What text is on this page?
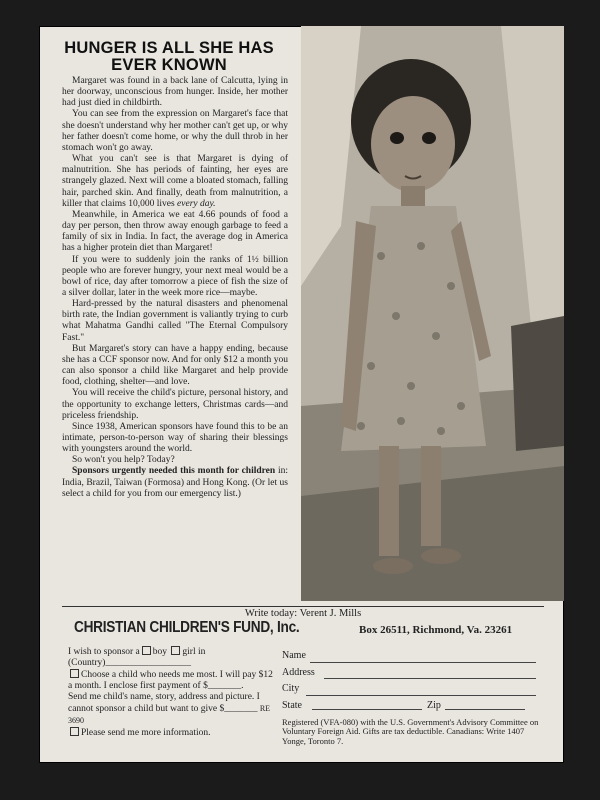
HUNGER IS ALL SHE HAS EVER KNOWN

Margaret was found in a back lane of Calcutta, lying in her doorway, unconscious from hunger. Inside, her mother had just died in childbirth.

You can see from the expression on Margaret's face that she doesn't understand why her mother can't get up, or why her father doesn't come home, or why the dull throb in her stomach won't go away.

What you can't see is that Margaret is dying of malnutrition. She has periods of fainting, her eyes are strangely glazed. Next will come a bloated stomach, falling hair, parched skin. And finally, death from malnutrition, a killer that claims 10,000 lives every day.

Meanwhile, in America we eat 4.66 pounds of food a day per person, then throw away enough garbage to feed a family of six in India. In fact, the average dog in America has a higher protein diet than Margaret!

If you were to suddenly join the ranks of 1½ billion people who are forever hungry, your next meal would be a bowl of rice, day after tomorrow a piece of fish the size of a silver dollar, later in the week more rice—maybe.

Hard-pressed by the natural disasters and phenomenal birth rate, the Indian government is valiantly trying to curb what Mahatma Gandhi called "The Eternal Compulsory Fast."

But Margaret's story can have a happy ending, because she has a CCF sponsor now. And for only $12 a month you can also sponsor a child like Margaret and help provide food, clothing, shelter—and love.

You will receive the child's picture, personal history, and the opportunity to exchange letters, Christmas cards—and priceless friendship.

Since 1938, American sponsors have found this to be an intimate, person-to-person way of sharing their blessings with youngsters around the world.

So won't you help? Today?

Sponsors urgently needed this month for children in: India, Brazil, Taiwan (Formosa) and Hong Kong. (Or let us select a child for you from our emergency list.)

Write today: Verent J. Mills
CHRISTIAN CHILDREN'S FUND, Inc.	Box 26511, Richmond, Va. 23261
I wish to sponsor a boy girl in
(Country)__________________
Choose a child who needs me most. I will pay $12 a month. I enclose first payment of $_______.
Send me child's name, story, address and picture. I cannot sponsor a child but want to give $_______ RE 3690
Please send me more information.
Name
Address
City
State	Zip
Registered (VFA-080) with the U.S. Government's Advisory Committee on Voluntary Foreign Aid. Gifts are tax deductible. Canadians: Write 1407 Yonge, Toronto 7.
